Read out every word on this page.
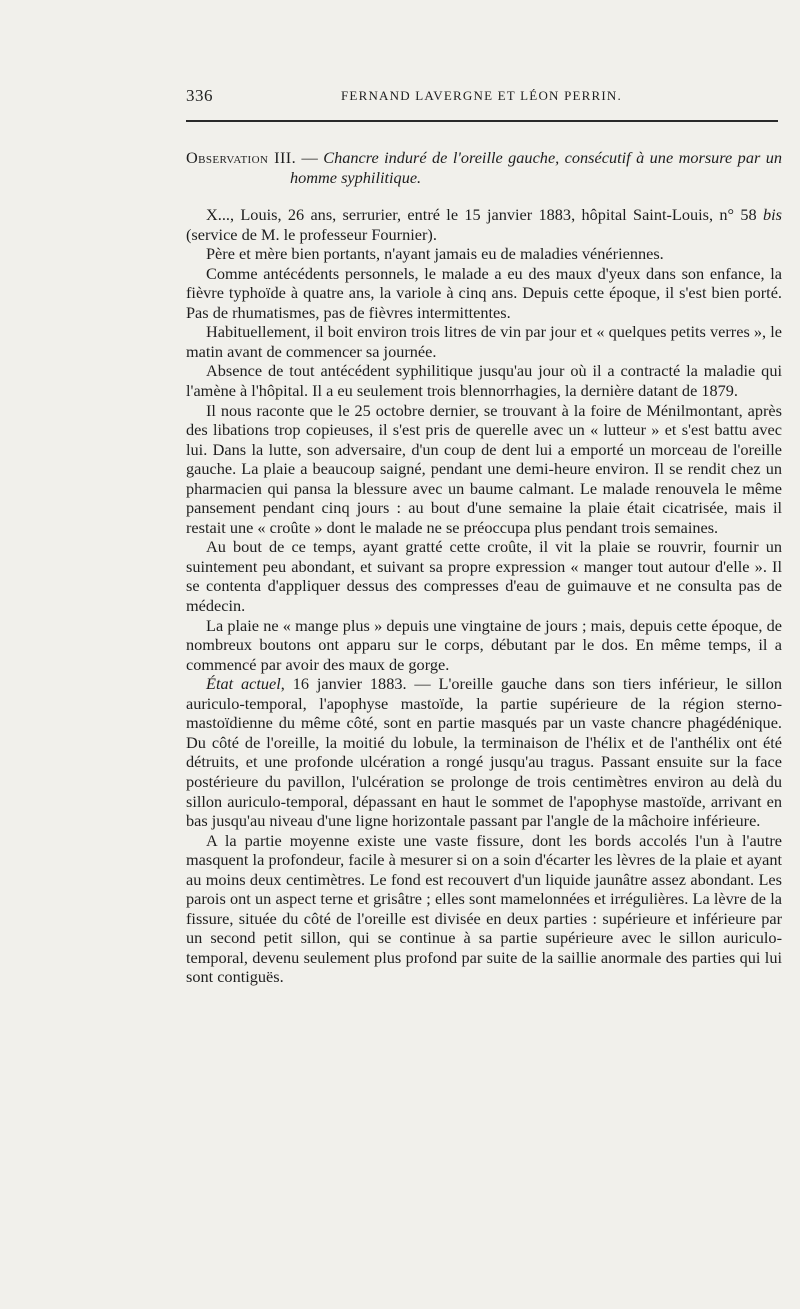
336	FERNAND LAVERGNE ET LÉON PERRIN.

Observation III. — Chancre induré de l'oreille gauche, consécutif à une morsure par un homme syphilitique.

X..., Louis, 26 ans, serrurier, entré le 15 janvier 1883, hôpital Saint-Louis, n° 58 bis (service de M. le professeur Fournier).

Père et mère bien portants, n'ayant jamais eu de maladies vénériennes.

Comme antécédents personnels, le malade a eu des maux d'yeux dans son enfance, la fièvre typhoïde à quatre ans, la variole à cinq ans. Depuis cette époque, il s'est bien porté. Pas de rhumatismes, pas de fièvres intermittentes.

Habituellement, il boit environ trois litres de vin par jour et « quelques petits verres », le matin avant de commencer sa journée.

Absence de tout antécédent syphilitique jusqu'au jour où il a contracté la maladie qui l'amène à l'hôpital. Il a eu seulement trois blennorrhagies, la dernière datant de 1879.

Il nous raconte que le 25 octobre dernier, se trouvant à la foire de Ménilmontant, après des libations trop copieuses, il s'est pris de querelle avec un « lutteur » et s'est battu avec lui. Dans la lutte, son adversaire, d'un coup de dent lui a emporté un morceau de l'oreille gauche. La plaie a beaucoup saigné, pendant une demi-heure environ. Il se rendit chez un pharmacien qui pansa la blessure avec un baume calmant. Le malade renouvela le même pansement pendant cinq jours : au bout d'une semaine la plaie était cicatrisée, mais il restait une « croûte » dont le malade ne se préoccupa plus pendant trois semaines.

Au bout de ce temps, ayant gratté cette croûte, il vit la plaie se rouvrir, fournir un suintement peu abondant, et suivant sa propre expression « manger tout autour d'elle ». Il se contenta d'appliquer dessus des compresses d'eau de guimauve et ne consulta pas de médecin.

La plaie ne « mange plus » depuis une vingtaine de jours ; mais, depuis cette époque, de nombreux boutons ont apparu sur le corps, débutant par le dos. En même temps, il a commencé par avoir des maux de gorge.

État actuel, 16 janvier 1883. — L'oreille gauche dans son tiers inférieur, le sillon auriculo-temporal, l'apophyse mastoïde, la partie supérieure de la région sterno-mastoïdienne du même côté, sont en partie masqués par un vaste chancre phagédénique. Du côté de l'oreille, la moitié du lobule, la terminaison de l'hélix et de l'anthélix ont été détruits, et une profonde ulcération a rongé jusqu'au tragus. Passant ensuite sur la face postérieure du pavillon, l'ulcération se prolonge de trois centimètres environ au delà du sillon auriculo-temporal, dépassant en haut le sommet de l'apophyse mastoïde, arrivant en bas jusqu'au niveau d'une ligne horizontale passant par l'angle de la mâchoire inférieure.

A la partie moyenne existe une vaste fissure, dont les bords accolés l'un à l'autre masquent la profondeur, facile à mesurer si on a soin d'écarter les lèvres de la plaie et ayant au moins deux centimètres. Le fond est recouvert d'un liquide jaunâtre assez abondant. Les parois ont un aspect terne et grisâtre ; elles sont mamelonnées et irrégulières. La lèvre de la fissure, située du côté de l'oreille est divisée en deux parties : supérieure et inférieure par un second petit sillon, qui se continue à sa partie supérieure avec le sillon auriculo-temporal, devenu seulement plus profond par suite de la saillie anormale des parties qui lui sont contiguës.
